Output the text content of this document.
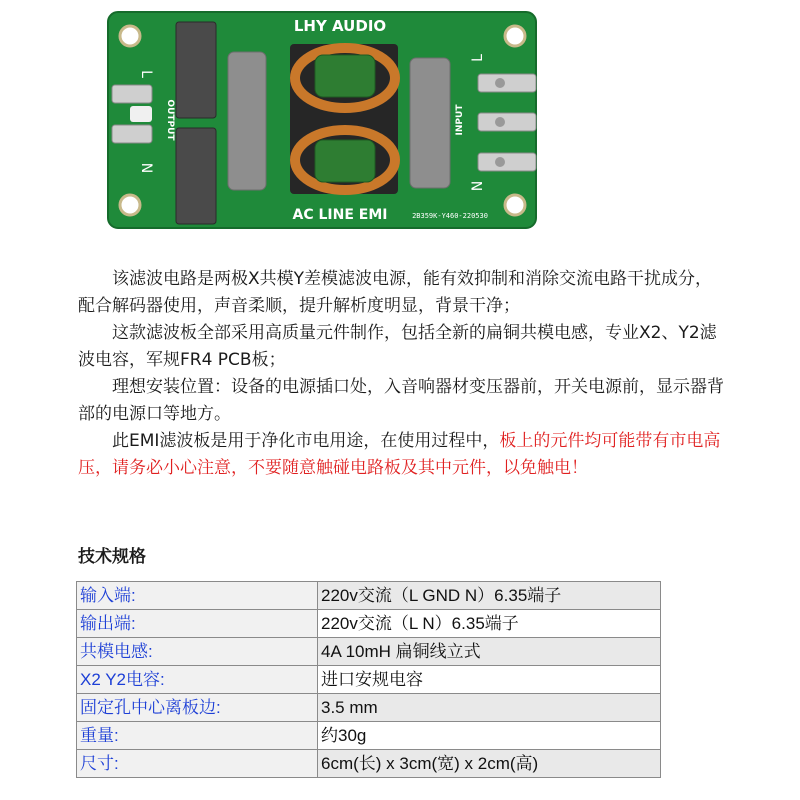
LHY AUDIO
AC LINE EMI	2B359K-Y460-220530
L
N
OUTPUT	INPUT
L
N

该滤波电路是两极X共模Y差模滤波电源，能有效抑制和消除交流电路干扰成分，配合解码器使用，声音柔顺，提升解析度明显，背景干净；

这款滤波板全部采用高质量元件制作，包括全新的扁铜共模电感，专业X2、Y2滤波电容，军规FR4 PCB板；

理想安装位置：设备的电源插口处，入音响器材变压器前，开关电源前，显示器背部的电源口等地方。

此EMI滤波板是用于净化市电用途，在使用过程中，板上的元件均可能带有市电高压，请务必小心注意，不要随意触碰电路板及其中元件，以免触电！

技术规格
输入端:	220v交流（L GND N）6.35端子
输出端:	220v交流（L N）6.35端子
共模电感:	4A 10mH 扁铜线立式
X2 Y2电容:	进口安规电容
固定孔中心离板边:	3.5 mm
重量:	约30g
尺寸:	6cm(长) x 3cm(宽) x 2cm(高)
